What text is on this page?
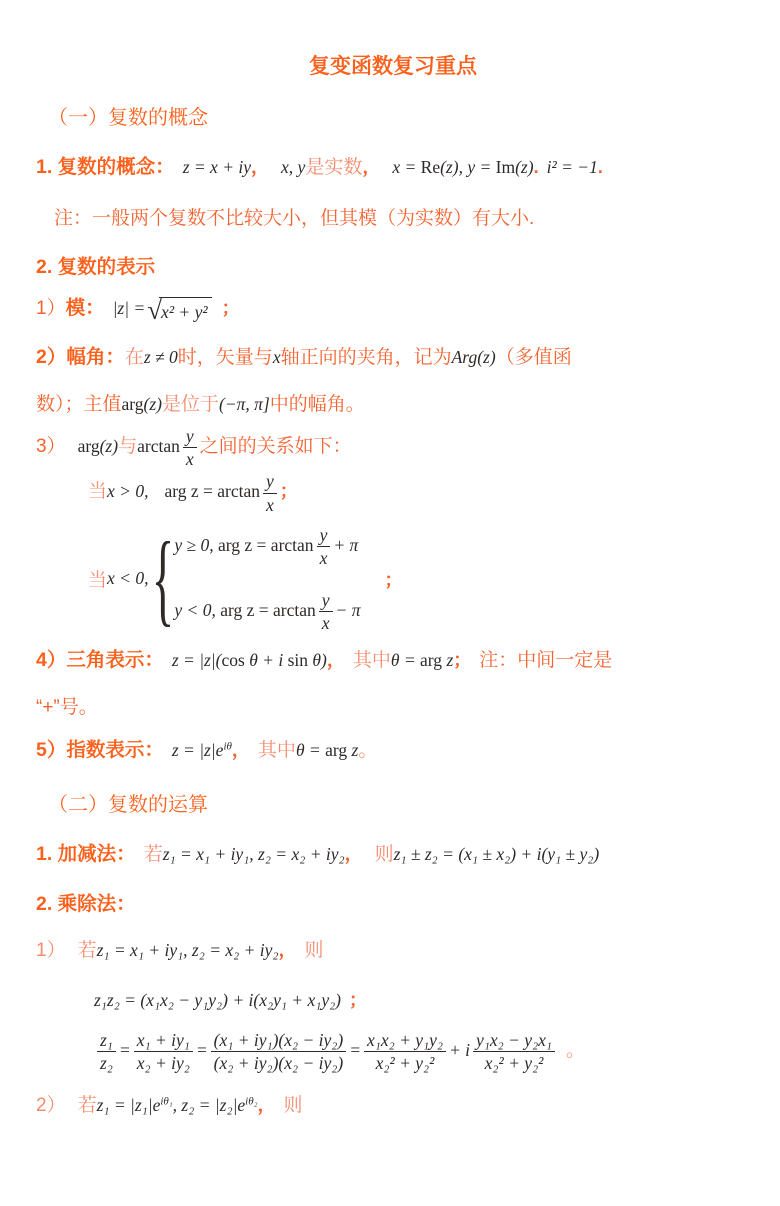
复变函数复习重点
（一）复数的概念
1. 复数的概念： z = x + iy， x, y是实数， x = Re(z), y = Im(z). i² = −1.
注：一般两个复数不比较大小，但其模（为实数）有大小.
2. 复数的表示
1）模： |z| = √ x² + y² ；
2）幅角：在z ≠ 0时，矢量与x轴正向的夹角，记为Arg(z)（多值函
数）；主值arg(z)是位于(−π, π]中的幅角。
3） arg(z)与$\arctan \frac{y}{x}$ 之间的关系如下：
当x > 0, arg $z = \arctan \frac{y}{x}$ ；
当 x < 0, { y ≥ 0, arg $z = \arctan \frac{y}{x} + \pi$
y < 0, arg $z = \arctan \frac{y}{x} - \pi$
；
4）三角表示： z = |z|(cos θ + i sin θ)， 其中θ = arg z； 注：中间一定是
“+”号。
5）指数表示： $z = |z|e^{i\theta}$， 其中θ = arg z。
（二）复数的运算
1. 加减法： 若z₁ = x₁ + iy₁, z₂ = x₂ + iy₂， 则z₁ ± z₂ = (x₁ ± x₂) + i(y₁ ± y₂)
2. 乘除法：
1） 若z₁ = x₁ + iy₁, z₂ = x₂ + iy₂， 则
z₁z₂ = (x₁x₂ − y₁y₂) + i(x₂y₁ + x₁y₂) ；
$\frac{\text{z₁}}{\text{z₂}} = \frac{\text{x₁ + iy₁}}{\text{x₂ + iy₂}} = \frac{\text{(x₁ + iy₁)(x₂ − iy₂)}}{\text{(x₂ + iy₂)(x₂ − iy₂)}} = \frac{\text{x₁x₂ + y₁y₂}}{\text{x₂² + y₂²}} + i \frac{\text{y₁x₂ − y₂x₁}}{\text{x₂² + y₂²}}$ 。
2） 若$z_1 = |z_1|e^{i\theta_1}$, $z_2 = |z_2|e^{i\theta_2}$， 则
